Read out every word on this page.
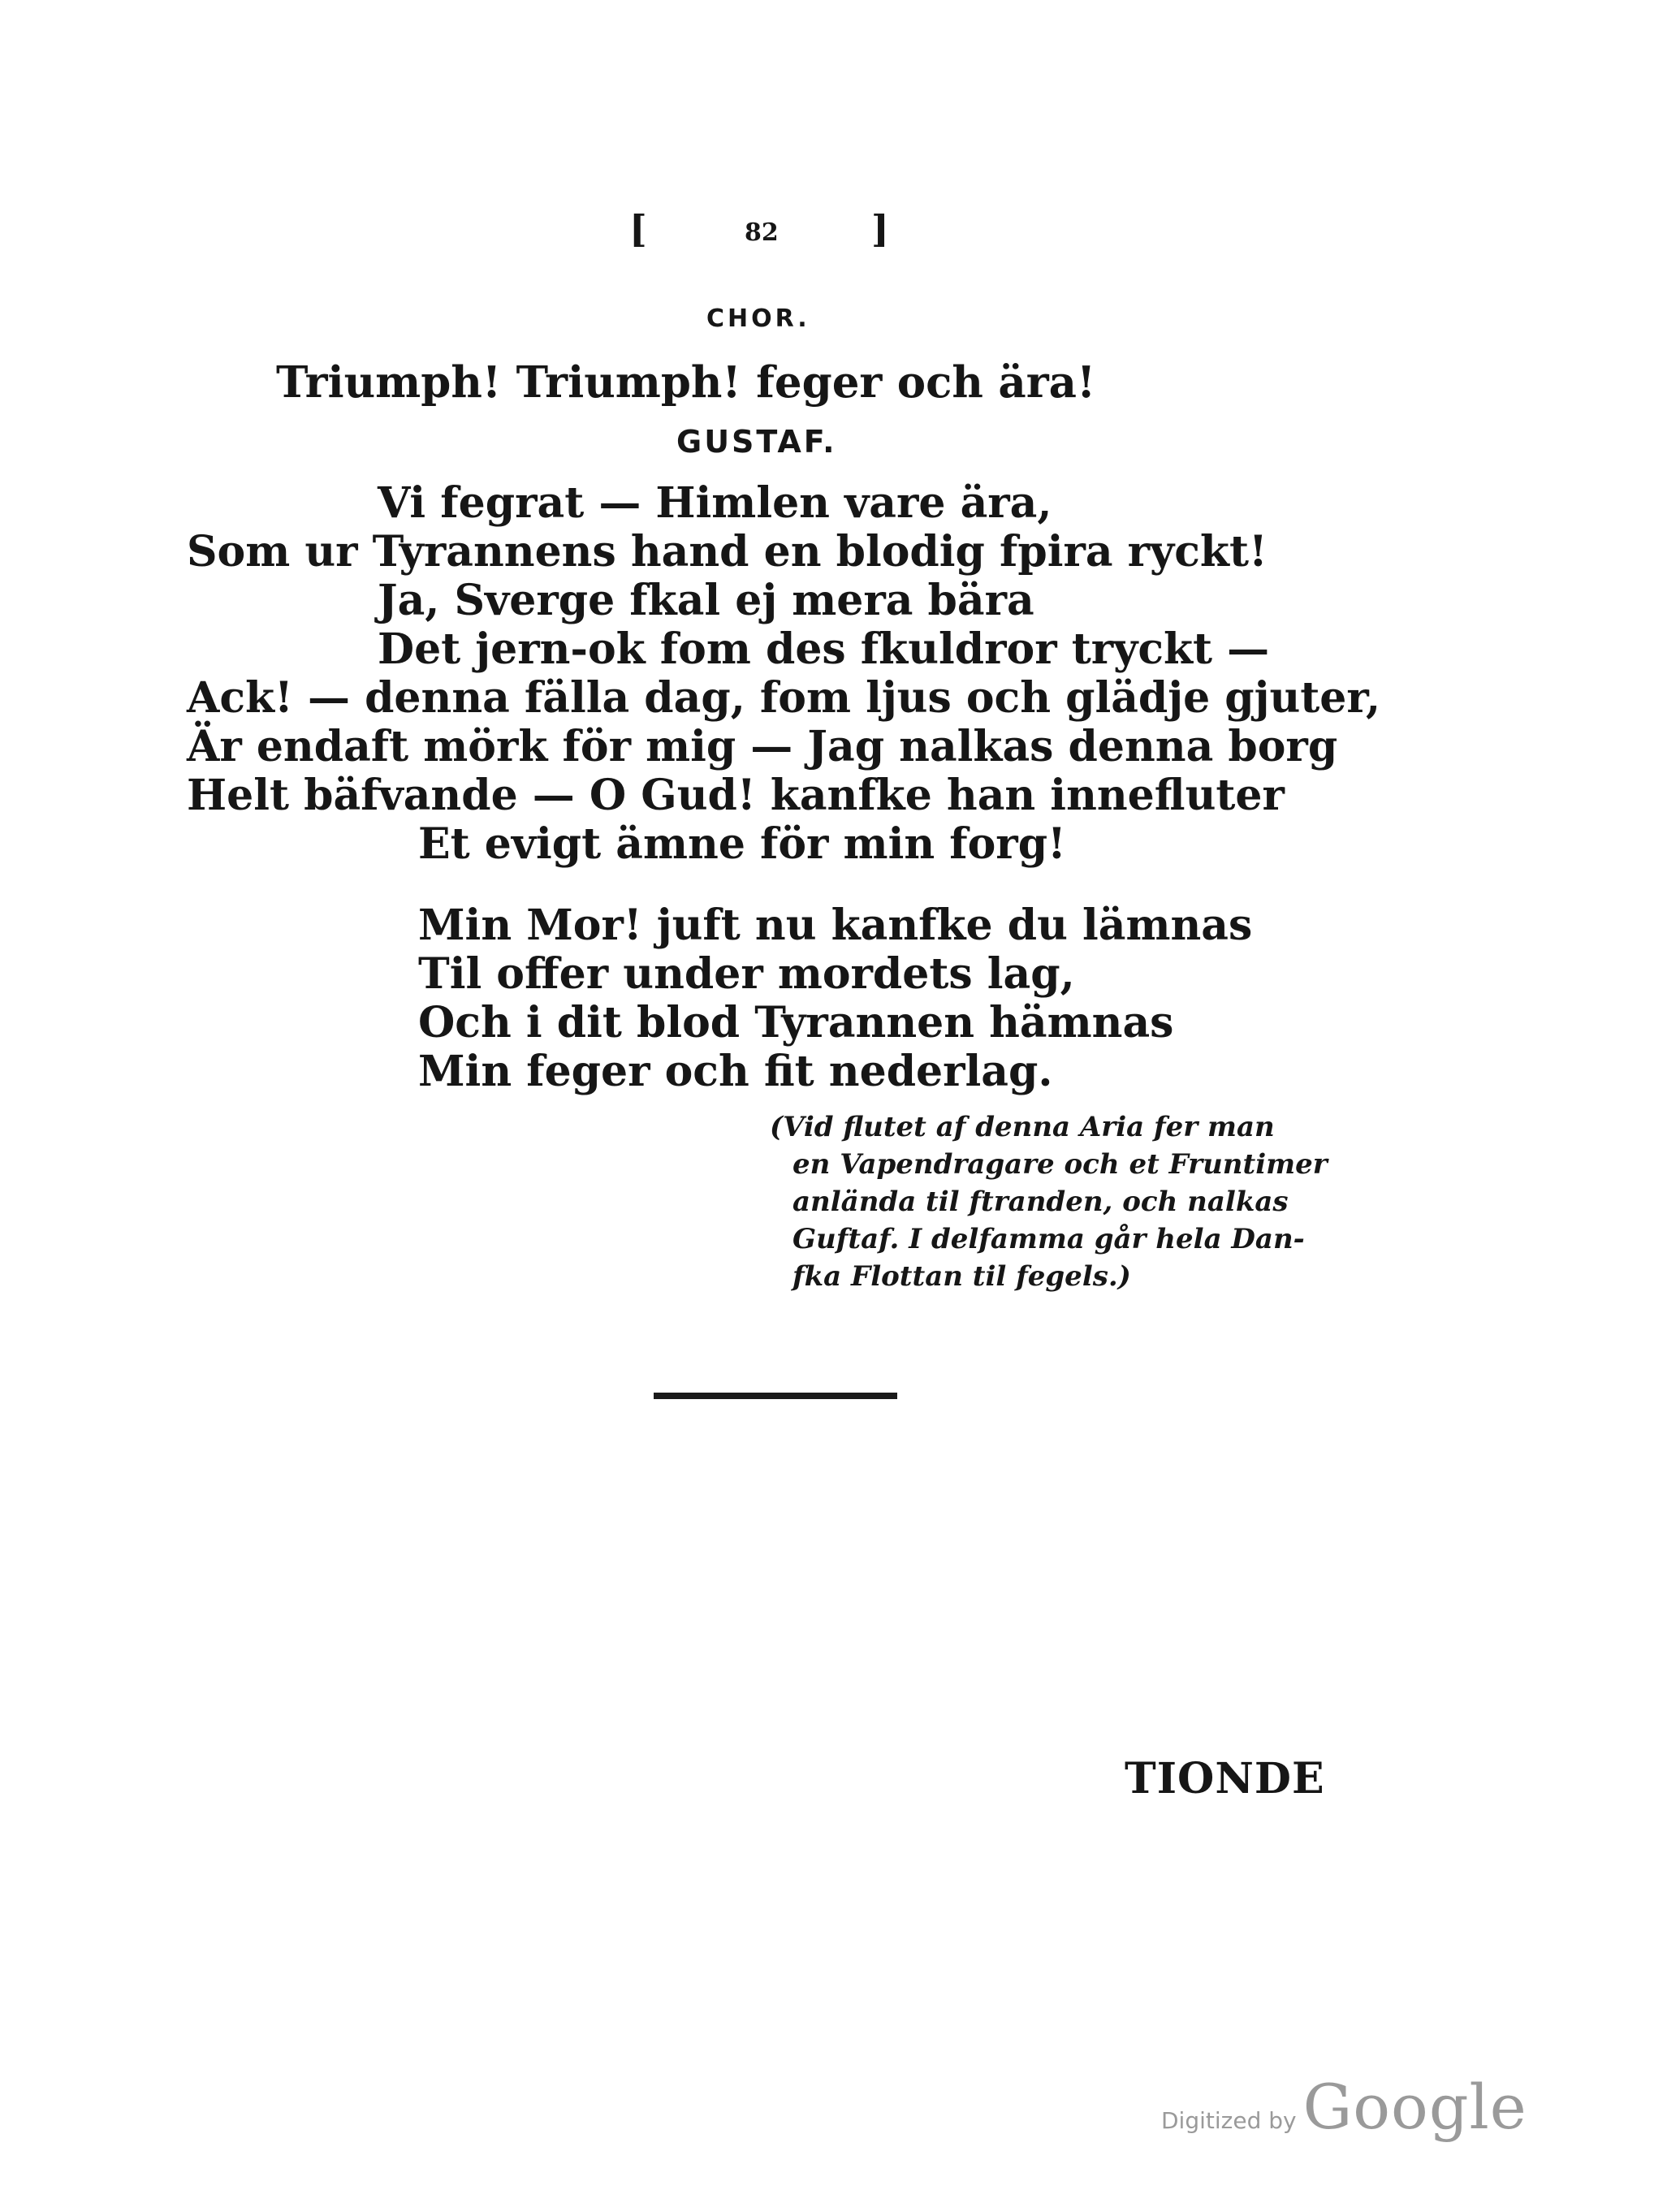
[	82 ]
CHOR.
Triumph! Triumph! feger och ära!
GUSTAF.
Vi fegrat — Himlen vare ära,
Som ur Tyrannens hand en blodig fpira ryckt!
Ja, Sverge fkal ej mera bära
Det jern-ok fom des fkuldror tryckt —
Ack! — denna fälla dag, fom ljus och glädje gjuter,
Är endaft mörk för mig — Jag nalkas denna borg
Helt bäfvande — O Gud! kanfke han innefluter
Et evigt ämne för min forg!
Min Mor! juft nu kanfke du lämnas
Til offer under mordets lag,
Och i dit blod Tyrannen hämnas
Min feger och fit nederlag.
(Vid flutet af denna Aria fer man
en Vapendragare och et Fruntimer
anlända til ftranden, och nalkas
Guftaf. I delfamma går hela Dan-
fka Flottan til fegels.)
TIONDE
Digitized by Google
